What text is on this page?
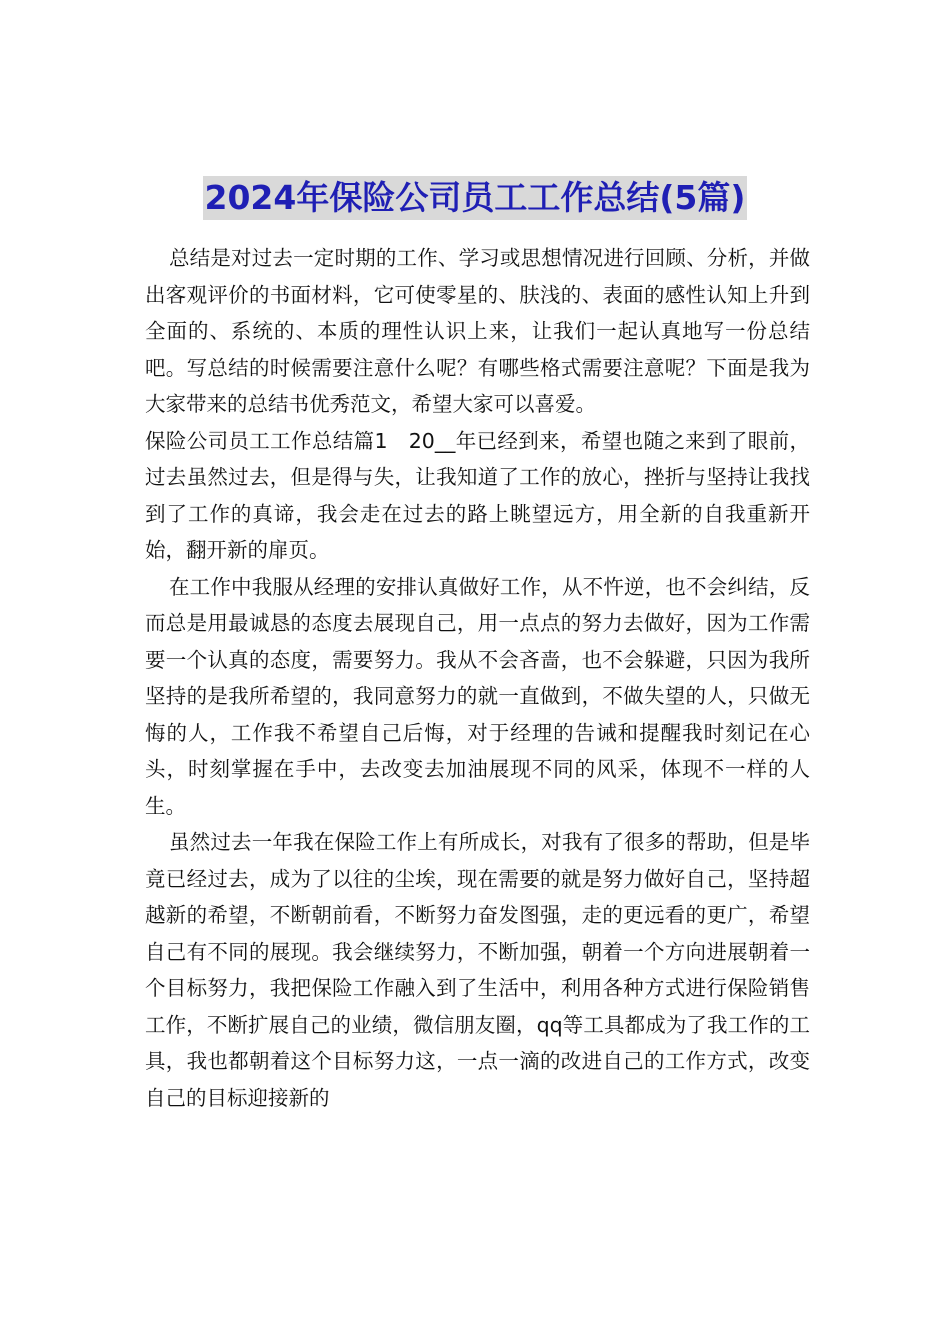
2024年保险公司员工工作总结(5篇)

总结是对过去一定时期的工作、学习或思想情况进行回顾、分析，并做出客观评价的书面材料，它可使零星的、肤浅的、表面的感性认知上升到全面的、系统的、本质的理性认识上来，让我们一起认真地写一份总结吧。写总结的时候需要注意什么呢？有哪些格式需要注意呢？下面是我为大家带来的总结书优秀范文，希望大家可以喜爱。

保险公司员工工作总结篇1　20__年已经到来，希望也随之来到了眼前，过去虽然过去，但是得与失，让我知道了工作的放心，挫折与坚持让我找到了工作的真谛，我会走在过去的路上眺望远方，用全新的自我重新开始，翻开新的扉页。

在工作中我服从经理的安排认真做好工作，从不忤逆，也不会纠结，反而总是用最诚恳的态度去展现自己，用一点点的努力去做好，因为工作需要一个认真的态度，需要努力。我从不会吝啬，也不会躲避，只因为我所坚持的是我所希望的，我同意努力的就一直做到，不做失望的人，只做无悔的人，工作我不希望自己后悔，对于经理的告诫和提醒我时刻记在心头，时刻掌握在手中，去改变去加油展现不同的风采，体现不一样的人生。

虽然过去一年我在保险工作上有所成长，对我有了很多的帮助，但是毕竟已经过去，成为了以往的尘埃，现在需要的就是努力做好自己，坚持超越新的希望，不断朝前看，不断努力奋发图强，走的更远看的更广，希望自己有不同的展现。我会继续努力，不断加强，朝着一个方向进展朝着一个目标努力，我把保险工作融入到了生活中，利用各种方式进行保险销售工作，不断扩展自己的业绩，微信朋友圈，qq等工具都成为了我工作的工具，我也都朝着这个目标努力这，一点一滴的改进自己的工作方式，改变自己的目标迎接新的
